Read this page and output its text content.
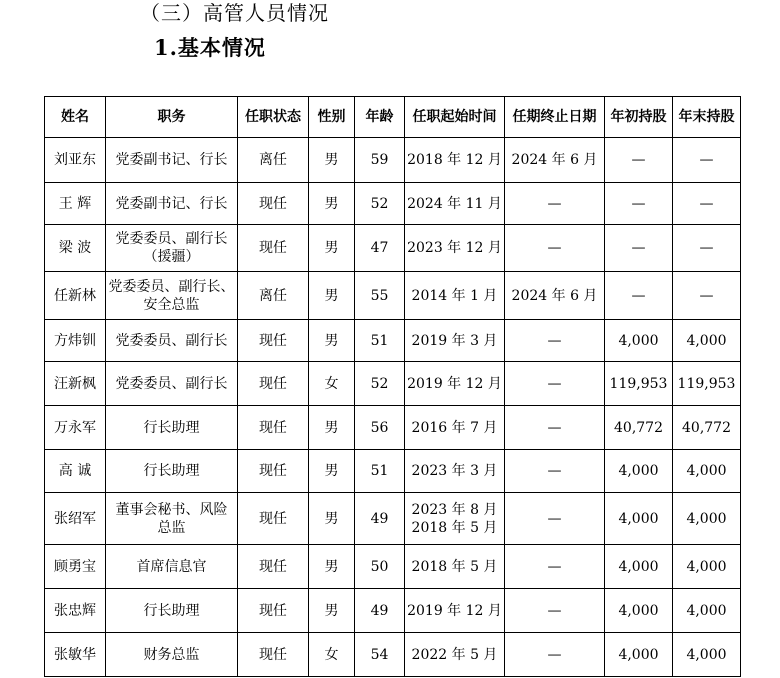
（三）高管人员情况
1.基本情况
姓名	职务	任职状态	性别	年龄	任职起始时间	任期终止日期	年初持股	年末持股
刘亚东	党委副书记、行长	离任	男	59	2018 年 12 月	2024 年 6 月	—	—
王 辉	党委副书记、行长	现任	男	52	2024 年 11 月	—	—	—
梁 波	党委委员、副行长
（援疆）	现任	男	47	2023 年 12 月	—	—	—
任新林	党委委员、副行长、
安全总监	离任	男	55	2014 年 1 月	2024 年 6 月	—	—
方炜钏	党委委员、副行长	现任	男	51	2019 年 3 月	—	4,000	4,000
汪新枫	党委委员、副行长	现任	女	52	2019 年 12 月	—	119,953	119,953
万永军	行长助理	现任	男	56	2016 年 7 月	—	40,772	40,772
高 诚	行长助理	现任	男	51	2023 年 3 月	—	4,000	4,000
张绍军	董事会秘书、风险
总监	现任	男	49	2023 年 8 月
2018 年 5 月	—	4,000	4,000
顾勇宝	首席信息官	现任	男	50	2018 年 5 月	—	4,000	4,000
张忠辉	行长助理	现任	男	49	2019 年 12 月	—	4,000	4,000
张敏华	财务总监	现任	女	54	2022 年 5 月	—	4,000	4,000
